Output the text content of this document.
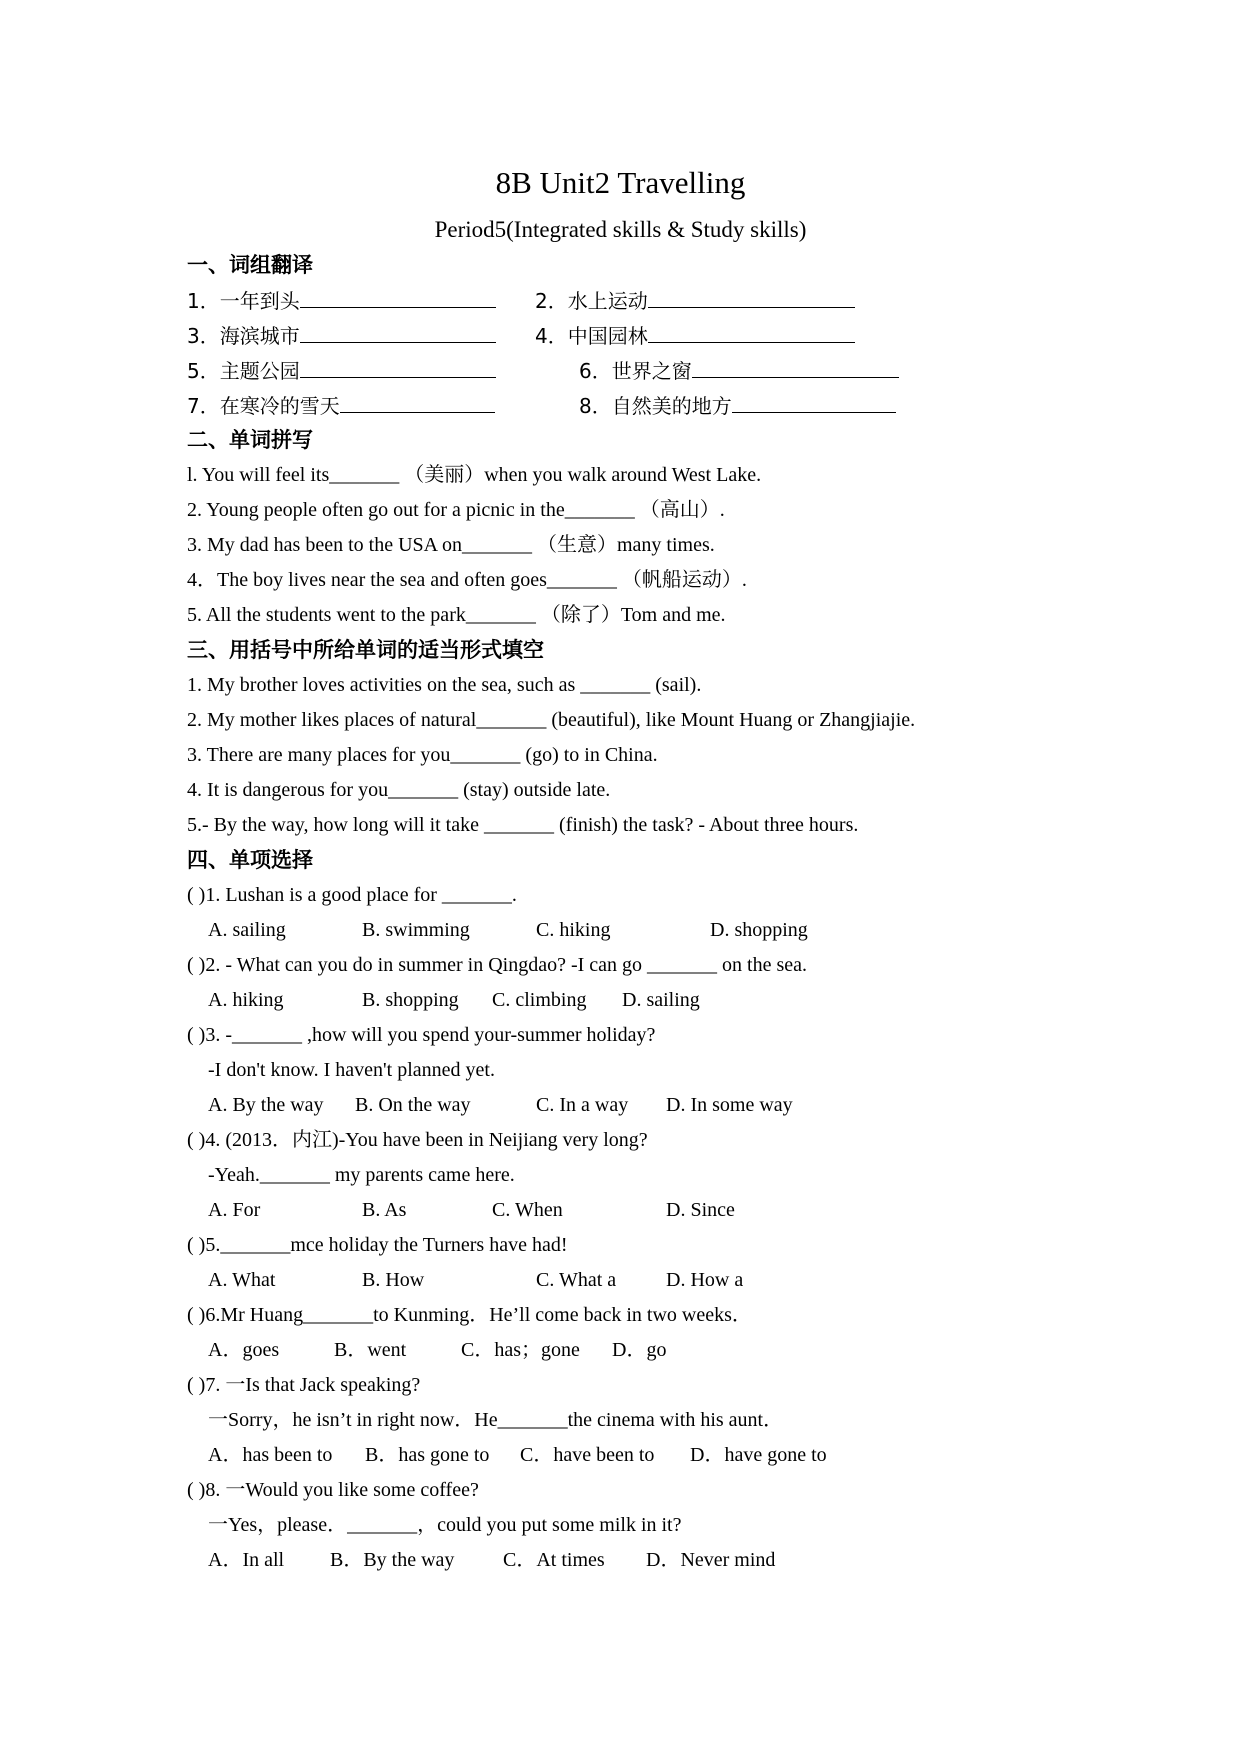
8B Unit2 Travelling
Period5(Integrated skills & Study skills)
一、词组翻译
1．一年到头	2．水上运动
3．海滨城市	4．中国园林
5．主题公园	6．世界之窗
7．在寒冷的雪天	8．自然美的地方
二、单词拼写
l. You will feel its_______ （美丽）when you walk around West Lake.
2. Young people often go out for a picnic in the_______ （高山）.
3. My dad has been to the USA on_______ （生意）many times.
4．The boy lives near the sea and often goes_______ （帆船运动）.
5. All the students went to the park_______ （除了）Tom and me.
三、用括号中所给单词的适当形式填空
1. My brother loves activities on the sea, such as _______ (sail).
2. My mother likes places of natural_______ (beautiful), like Mount Huang or Zhangjiajie.
3. There are many places for you_______ (go) to in China.
4. It is dangerous for you_______ (stay) outside late.
5.- By the way, how long will it take _______ (finish) the task? - About three hours.
四、单项选择
( )1. Lushan is a good place for _______.
A. sailing	B. swimming	C. hiking	D. shopping
( )2. - What can you do in summer in Qingdao? -I can go _______ on the sea.
A. hiking	B. shopping C. climbing D. sailing
( )3. -_______ ,how will you spend your-summer holiday?
-I don't know. I haven't planned yet.
A. By the way B. On the way	C. In a way D. In some way
( )4. (2013．内江)-You have been in Neijiang very long?
-Yeah._______ my parents came here.
A. For	B. As	C. When	D. Since
( )5._______mce holiday the Turners have had!
A. What	B. How	C. What a D. How a
( )6.Mr Huang_______to Kunming．He’ll come back in two weeks．
A．goes	B．went	C．has；gone D．go
( )7. 一Is that Jack speaking?
一Sorry，he isn’t in right now．He_______the cinema with his aunt．
A．has been to B．has gone to C．have been to D．have gone to
( )8. 一Would you like some coffee?
一Yes，please．_______，could you put some milk in it?
A．In all B．By the way C．At times D．Never mind
